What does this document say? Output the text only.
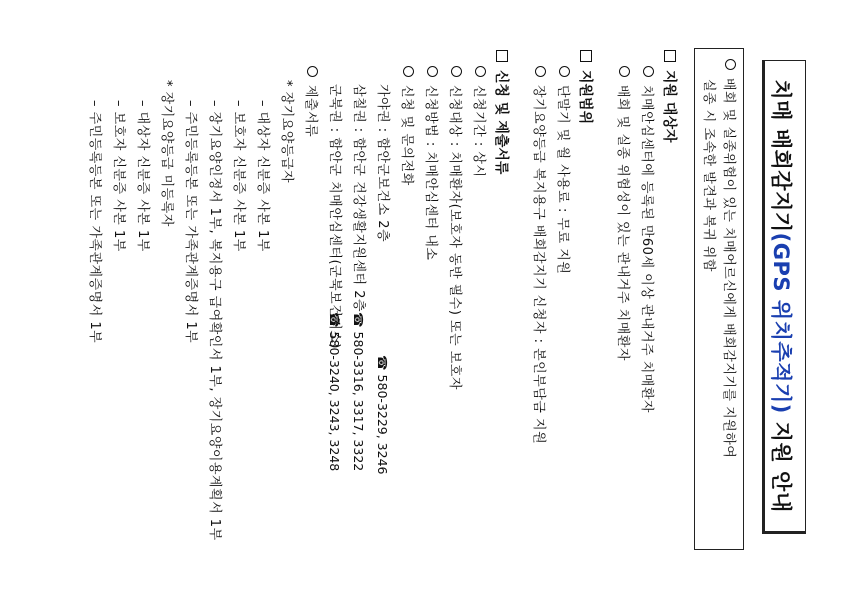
치매 배회감지기(GPS 위치추적기) 지원 안내
배회 및 실종위험이 있는 치매어르신에게 배회감지기를 지원하여
실종 시 조속한 발견과 복귀 위함
지원 대상자
치매안심센터에 등록된 만60세 이상 관내거주 치매환자
배회 및 실종 위험성이 있는 관내거주 치매환자
지원범위
단말기 및 월 사용료 : 무료 지원
장기요양등급 복지용구 배회감지기 신청자 : 본인부담금 지원
신청 및 제출서류
신청기간 : 상시
신청대상 : 치매환자(보호자 동반 필수) 또는 보호자
신청방법 : 치매안심센터 내소
신청 및 문의전화
가야권 : 함안군보건소 2층
☎ 580-3229, 3246
삼칠권 : 함안군 건강생활지원센터 2층
☎ 580-3316, 3317, 3322
군북권 : 함안군 치매안심센터(군북보건지소)
☎ 580-3240, 3243, 3248
제출서류
* 장기요양등급자
– 대상자 신분증 사본 1부
– 보호자 신분증 사본 1부
– 장기요양인정서 1부, 복지용구 급여확인서 1부, 장기요양이용계획서 1부
– 주민등록등본 또는 가족관계증명서 1부
* 장기요양등급 미등록자
– 대상자 신분증 사본 1부
– 보호자 신분증 사본 1부
– 주민등록등본 또는 가족관계증명서 1부
